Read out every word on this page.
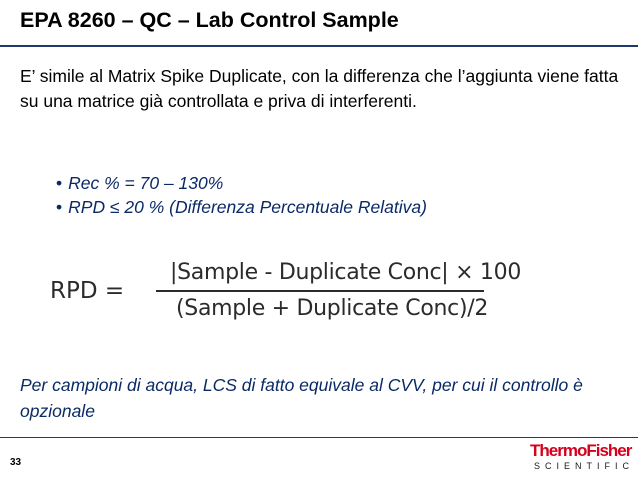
EPA 8260 – QC – Lab Control Sample
E’ simile al Matrix Spike Duplicate, con la differenza che l’aggiunta viene fatta su una matrice già controllata e priva di interferenti.
• Rec % = 70 – 130%
• RPD ≤ 20 % (Differenza Percentuale Relativa)
RPD =
|Sample - Duplicate Conc| × 100
(Sample + Duplicate Conc)/2
Per campioni di acqua, LCS di fatto equivale al CVV, per cui il controllo è opzionale
33
ThermoFisher
SCIENTIFIC
